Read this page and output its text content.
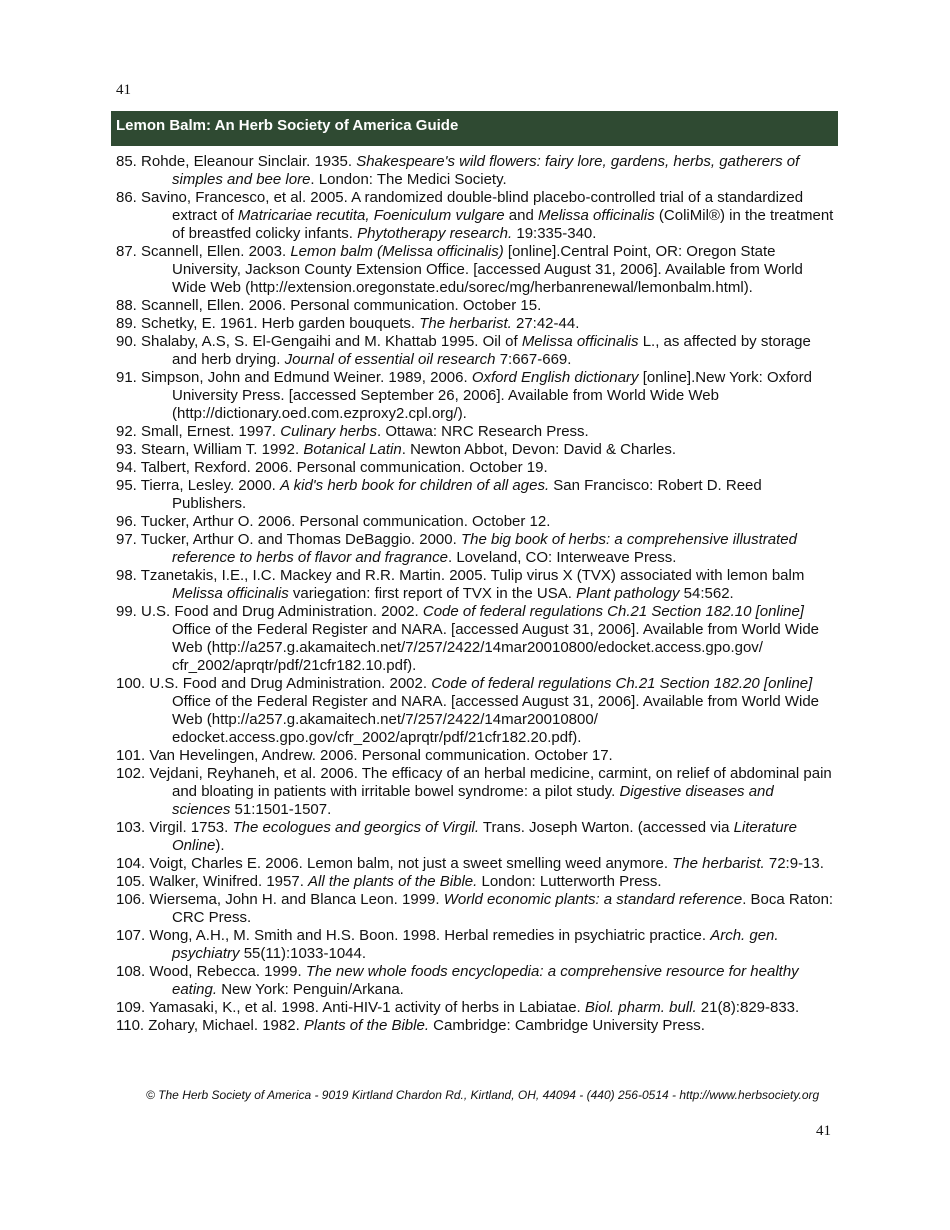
41
Lemon Balm: An Herb Society of America Guide
85. Rohde, Eleanour Sinclair. 1935. Shakespeare's wild flowers: fairy lore, gardens, herbs, gatherers of simples and bee lore. London: The Medici Society.
86. Savino, Francesco, et al. 2005. A randomized double-blind placebo-controlled trial of a standardized extract of Matricariae recutita, Foeniculum vulgare and Melissa officinalis (ColiMil®) in the treatment of breastfed colicky infants. Phytotherapy research. 19:335-340.
87. Scannell, Ellen. 2003. Lemon balm (Melissa officinalis) [online].Central Point, OR: Oregon State University, Jackson County Extension Office. [accessed August 31, 2006]. Available from World Wide Web (http://extension.oregonstate.edu/sorec/mg/herbanrenewal/lemonbalm.html).
88. Scannell, Ellen. 2006. Personal communication. October 15.
89. Schetky, E. 1961. Herb garden bouquets. The herbarist. 27:42-44.
90. Shalaby, A.S, S. El-Gengaihi and M. Khattab 1995. Oil of Melissa officinalis L., as affected by storage and herb drying. Journal of essential oil research 7:667-669.
91. Simpson, John and Edmund Weiner. 1989, 2006. Oxford English dictionary [online].New York: Oxford University Press. [accessed September 26, 2006]. Available from World Wide Web (http://dictionary.oed.com.ezproxy2.cpl.org/).
92. Small, Ernest. 1997. Culinary herbs. Ottawa: NRC Research Press.
93. Stearn, William T. 1992. Botanical Latin. Newton Abbot, Devon: David & Charles.
94. Talbert, Rexford. 2006. Personal communication. October 19.
95. Tierra, Lesley. 2000. A kid's herb book for children of all ages. San Francisco: Robert D. Reed Publishers.
96. Tucker, Arthur O. 2006. Personal communication. October 12.
97. Tucker, Arthur O. and Thomas DeBaggio. 2000. The big book of herbs: a comprehensive illustrated reference to herbs of flavor and fragrance. Loveland, CO: Interweave Press.
98. Tzanetakis, I.E., I.C. Mackey and R.R. Martin. 2005. Tulip virus X (TVX) associated with lemon balm Melissa officinalis variegation: first report of TVX in the USA. Plant pathology 54:562.
99. U.S. Food and Drug Administration. 2002. Code of federal regulations Ch.21 Section 182.10 [online] Office of the Federal Register and NARA. [accessed August 31, 2006]. Available from World Wide Web (http://a257.g.akamaitech.net/7/257/2422/14mar20010800/edocket.access.gpo.gov/ cfr_2002/aprqtr/pdf/21cfr182.10.pdf).
100. U.S. Food and Drug Administration. 2002. Code of federal regulations Ch.21 Section 182.20 [online] Office of the Federal Register and NARA. [accessed August 31, 2006]. Available from World Wide Web (http://a257.g.akamaitech.net/7/257/2422/14mar20010800/ edocket.access.gpo.gov/cfr_2002/aprqtr/pdf/21cfr182.20.pdf).
101. Van Hevelingen, Andrew. 2006. Personal communication. October 17.
102. Vejdani, Reyhaneh, et al. 2006. The efficacy of an herbal medicine, carmint, on relief of abdominal pain and bloating in patients with irritable bowel syndrome: a pilot study. Digestive diseases and sciences 51:1501-1507.
103. Virgil. 1753. The ecologues and georgics of Virgil. Trans. Joseph Warton. (accessed via Literature Online).
104. Voigt, Charles E. 2006. Lemon balm, not just a sweet smelling weed anymore. The herbarist. 72:9-13.
105. Walker, Winifred. 1957. All the plants of the Bible. London: Lutterworth Press.
106. Wiersema, John H. and Blanca Leon. 1999. World economic plants: a standard reference. Boca Raton: CRC Press.
107. Wong, A.H., M. Smith and H.S. Boon. 1998. Herbal remedies in psychiatric practice. Arch. gen. psychiatry 55(11):1033-1044.
108. Wood, Rebecca. 1999. The new whole foods encyclopedia: a comprehensive resource for healthy eating. New York: Penguin/Arkana.
109. Yamasaki, K., et al. 1998. Anti-HIV-1 activity of herbs in Labiatae. Biol. pharm. bull. 21(8):829-833.
110. Zohary, Michael. 1982. Plants of the Bible. Cambridge: Cambridge University Press.
© The Herb Society of America - 9019 Kirtland Chardon Rd., Kirtland, OH, 44094 - (440) 256-0514 - http://www.herbsociety.org
41
